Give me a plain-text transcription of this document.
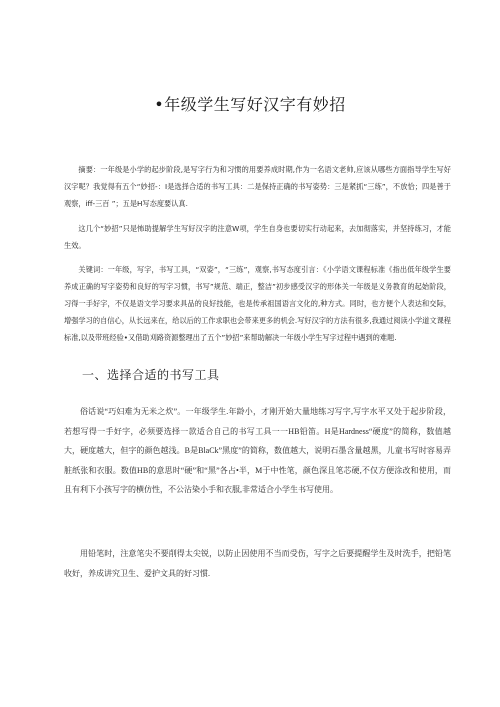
•年级学生写好汉字有妙招

摘要：一年级是小学的起步阶段,是写字行为和习惯的用要养成时期,作为一名语文老帅,应该从哪些方面指导学生写好汉字呢？我觉得有五个“妙招-：I是选择合适的书写工具：二是保持正确的书写姿势：三是紧抓“三练”，不放恰；四是善于观察，iff-三百 ”；五是H写态度要认真.

这几个“妙招”只是怖助提解学生写好汉字的注意W项，学生自身也要切实行动起来，去加彻落实，并坚持练习，才能生效。

关键词：一年级，写字，书写工具，“双姿”，“三练”，观察,书写态度引言：《小学语文课程标准《指出低年级学生要养成正确的写字姿势和良好的写字习惯，书写”规范、端正，整洁”初步感受汉字的形体关一年级是义务教育的起始阶段，习得一手好字，不仅是语文学习要求具品的良好技能，也是传承祖国语言文化的,种方式。同时，也方便个人表达和交际，增强学习的自信心，从长远来在，给以后的工作求职也会带来更多的机会.写好汉字的方法有很多,我通过阅读小学道文课程标准,以及带班经验•又借助刈路资源整理出了五个”妙招”来帮助解决一年级小学生写字过程中遇到的难题.

一、选择合适的书写工具

俗话说“巧妇难为无米之炊”。一年级学生.年龄小，才刚开始大量地练习写字,写字水平又处于起步阶段，若想写得一手好字，必须要选择一款适合自己的书写工具一一HB铅笛。H是Hardness“硬度”的简称，数值越大，硬度越大，但字的颜色越浅。B是BlaCk”黑度”的简称，数值越大，说明石墨含量越黑，儿童书写时容易弄脏纸张和衣服。数值HB的意思时“硬”和“黑”各占•半，M于中性笔，颜色深且笔芯硬,不仅方便涂改和使用，而且有利下小孩写字的横仿性，不公沾染小手和衣服,非常适合小学生书写使用。

用铅笔时，注意笔尖不要削得太尖锐，以防止因使用不当而受伤，写字之后要提醒学生及时洗手，把铅笔收好，养成讲究卫生、爱护文具的好习惯.
